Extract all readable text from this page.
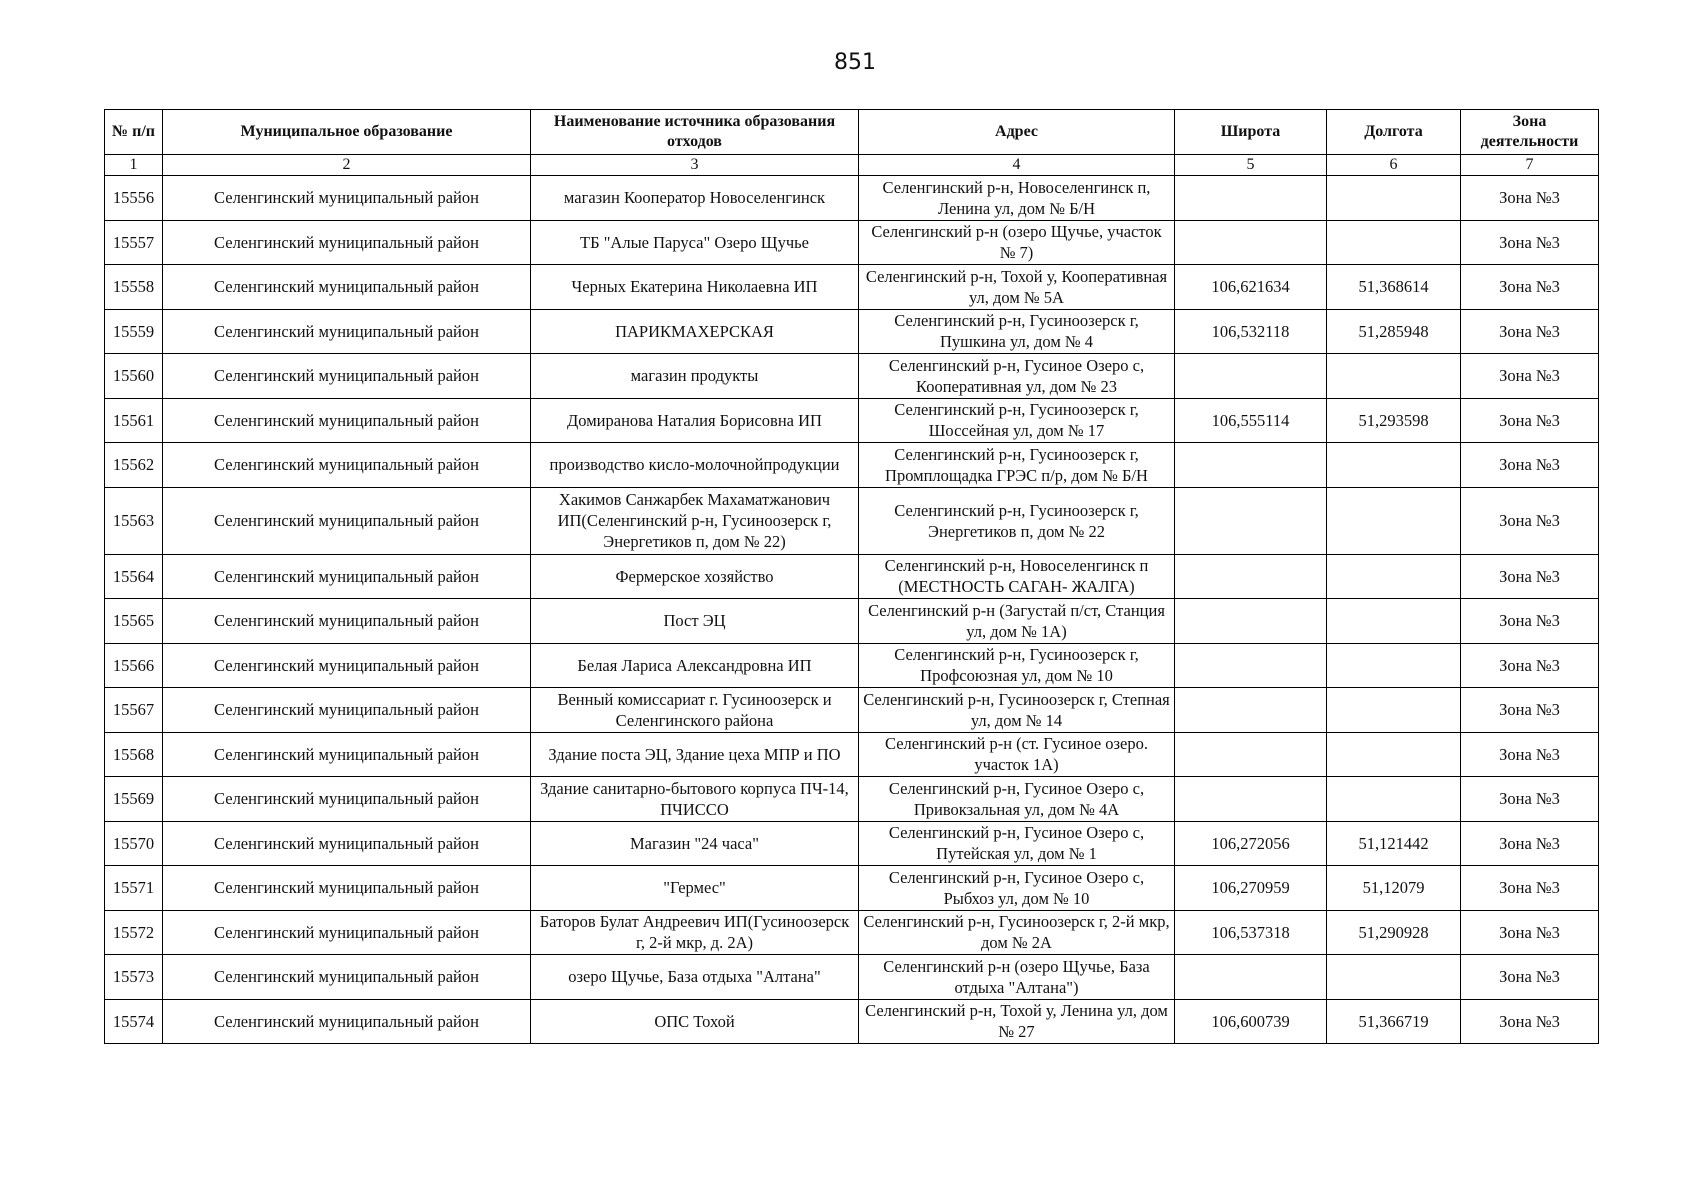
851
№ п/п	Муниципальное образование	Наименование источника образования отходов	Адрес	Широта	Долгота	Зона деятельности
1	2	3	4	5	6	7
15556	Селенгинский муниципальный район	магазин Кооператор Новоселенгинск	Селенгинский р-н, Новоселенгинск п, Ленина ул, дом № Б/Н			Зона №3
15557	Селенгинский муниципальный район	ТБ "Алые Паруса" Озеро Щучье	Селенгинский р-н (озеро Щучье, участок № 7)			Зона №3
15558	Селенгинский муниципальный район	Черных Екатерина Николаевна ИП	Селенгинский р-н, Тохой у, Кооперативная ул, дом № 5А	106,621634	51,368614	Зона №3
15559	Селенгинский муниципальный район	ПАРИКМАХЕРСКАЯ	Селенгинский р-н, Гусиноозерск г, Пушкина ул, дом № 4	106,532118	51,285948	Зона №3
15560	Селенгинский муниципальный район	магазин продукты	Селенгинский р-н, Гусиное Озеро с, Кооперативная ул, дом № 23			Зона №3
15561	Селенгинский муниципальный район	Домиранова Наталия Борисовна ИП	Селенгинский р-н, Гусиноозерск г, Шоссейная ул, дом № 17	106,555114	51,293598	Зона №3
15562	Селенгинский муниципальный район	производство кисло-молочнойпродукции	Селенгинский р-н, Гусиноозерск г, Промплощадка ГРЭС п/р, дом № Б/Н			Зона №3
15563	Селенгинский муниципальный район	Хакимов Санжарбек Махаматжанович ИП(Селенгинский р-н, Гусиноозерск г, Энергетиков п, дом № 22)	Селенгинский р-н, Гусиноозерск г, Энергетиков п, дом № 22			Зона №3
15564	Селенгинский муниципальный район	Фермерское хозяйство	Селенгинский р-н, Новоселенгинск п (МЕСТНОСТЬ САГАН- ЖАЛГА)			Зона №3
15565	Селенгинский муниципальный район	Пост ЭЦ	Селенгинский р-н (Загустай п/ст, Станция ул, дом № 1А)			Зона №3
15566	Селенгинский муниципальный район	Белая Лариса Александровна ИП	Селенгинский р-н, Гусиноозерск г, Профсоюзная ул, дом № 10			Зона №3
15567	Селенгинский муниципальный район	Венный комиссариат г. Гусиноозерск и Селенгинского района	Селенгинский р-н, Гусиноозерск г, Степная ул, дом № 14			Зона №3
15568	Селенгинский муниципальный район	Здание поста ЭЦ, Здание цеха МПР и ПО	Селенгинский р-н (ст. Гусиное озеро. участок 1А)			Зона №3
15569	Селенгинский муниципальный район	Здание санитарно-бытового корпуса ПЧ-14, ПЧИССО	Селенгинский р-н, Гусиное Озеро с, Привокзальная ул, дом № 4А			Зона №3
15570	Селенгинский муниципальный район	Магазин "24 часа"	Селенгинский р-н, Гусиное Озеро с, Путейская ул, дом № 1	106,272056	51,121442	Зона №3
15571	Селенгинский муниципальный район	"Гермес"	Селенгинский р-н, Гусиное Озеро с, Рыбхоз ул, дом № 10	106,270959	51,12079	Зона №3
15572	Селенгинский муниципальный район	Баторов Булат Андреевич ИП(Гусиноозерск г, 2-й мкр, д. 2А)	Селенгинский р-н, Гусиноозерск г, 2-й мкр, дом № 2А	106,537318	51,290928	Зона №3
15573	Селенгинский муниципальный район	озеро Щучье, База отдыха "Алтана"	Селенгинский р-н (озеро Щучье, База отдыха "Алтана")			Зона №3
15574	Селенгинский муниципальный район	ОПС Тохой	Селенгинский р-н, Тохой у, Ленина ул, дом № 27	106,600739	51,366719	Зона №3
